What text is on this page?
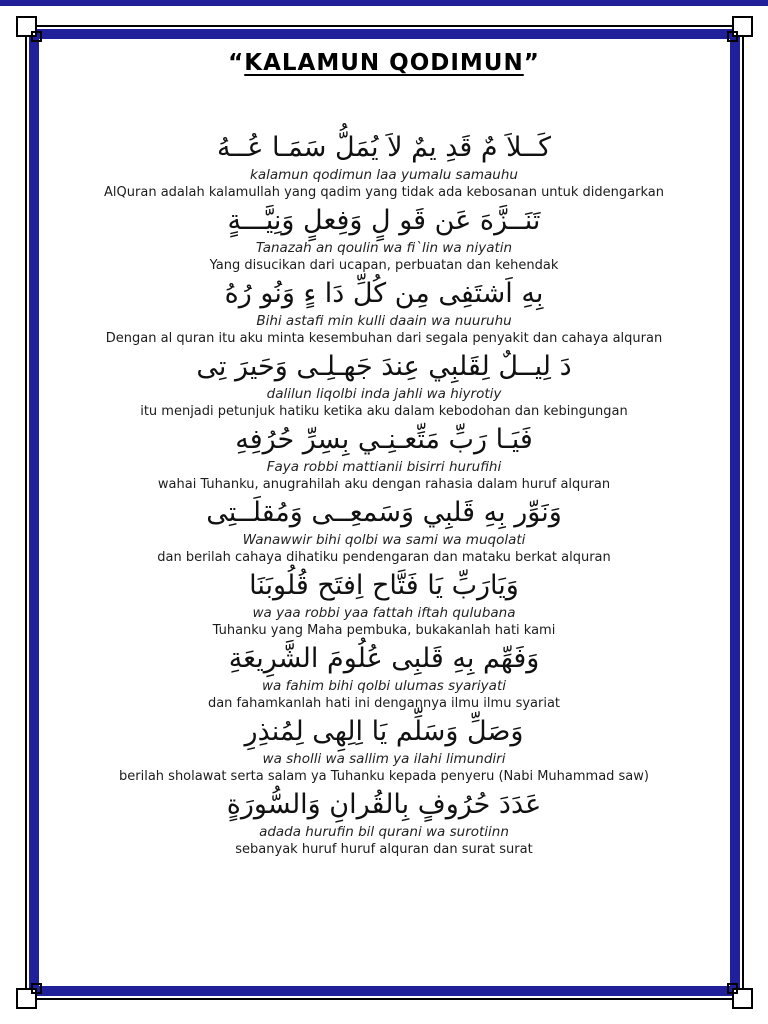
“KALAMUN QODIMUN”
كَــلاَ مٌ قَدِ يمٌ لاَ يُمَلُّ سَمَـا عُــهُ
kalamun qodimun laa yumalu samauhu
AlQuran adalah kalamullah yang qadim yang tidak ada kebosanan untuk didengarkan
تَنَــزَّهَ عَن قَو لٍ وَفِعلٍ وَنِيَّـــةٍ
Tanazah an qoulin wa fi`lin wa niyatin
Yang disucikan dari ucapan, perbuatan dan kehendak
بِهِ اَشتَفِى مِن كُلِّ دَا ءٍ وَنُو رُهُ
Bihi astafi min kulli daain wa nuuruhu
Dengan al quran itu aku minta kesembuhan dari segala penyakit dan cahaya alquran
دَ لِيــلٌ لِقَلبِي عِندَ جَهـلِـى وَحَيرَ تِى
dalilun liqolbi inda jahli wa hiyrotiy
itu menjadi petunjuk hatiku ketika aku dalam kebodohan dan kebingungan
فَيَـا رَبِّ مَتِّعـنِـي بِسِرِّ حُرُفِهِ
Faya robbi mattianii bisirri hurufihi
wahai Tuhanku, anugrahilah aku dengan rahasia dalam huruf alquran
وَنَوِّر بِهِ قَلبِي وَسَمعِــى وَمُقلَــتِى
Wanawwir bihi qolbi wa sami wa muqolati
dan berilah cahaya dihatiku pendengaran dan mataku berkat alquran
وَيَارَبِّ يَا فَتَّاح اِفتَح قُلُوبَنَا
wa yaa robbi yaa fattah iftah qulubana
Tuhanku yang Maha pembuka, bukakanlah hati kami
وَفَهِّم بِهِ قَلبِى عُلُومَ الشَّرِيعَةِ
wa fahim bihi qolbi ulumas syariyati
dan fahamkanlah hati ini dengannya ilmu ilmu syariat
وَصَلِّ وَسَلِّم يَا اِلِهِى لِمُنذِرِ
wa sholli wa sallim ya ilahi limundiri
berilah sholawat serta salam ya Tuhanku kepada penyeru (Nabi Muhammad saw)
عَدَدَ حُرُوفٍ بِالقُرانِ وَالسُّورَةٍ
adada hurufin bil qurani wa surotiinn
sebanyak huruf huruf alquran dan surat surat
